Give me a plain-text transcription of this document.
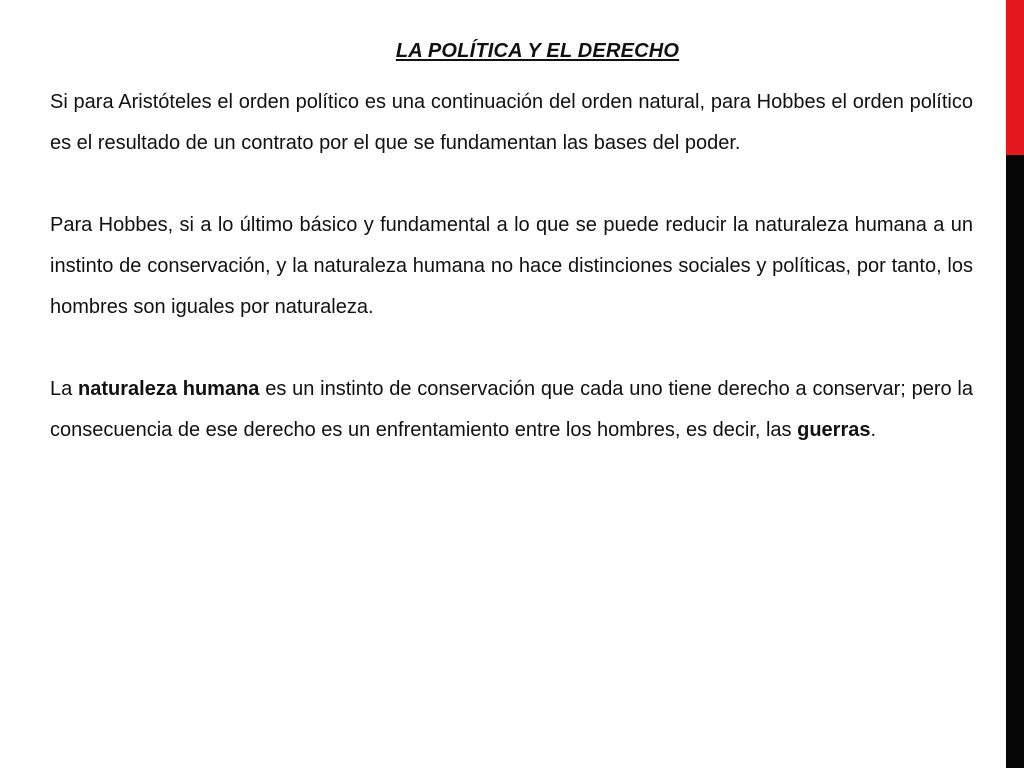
LA POLÍTICA Y EL DERECHO

Si para Aristóteles el orden político es una continuación del orden natural, para Hobbes el orden político es el resultado de un contrato por el que se fundamentan las bases del poder.

Para Hobbes, si a lo último básico y fundamental a lo que se puede reducir la naturaleza humana a un instinto de conservación, y la naturaleza humana no hace distinciones sociales y políticas, por tanto, los hombres son iguales por naturaleza.

La naturaleza humana es un instinto de conservación que cada uno tiene derecho a conservar; pero la consecuencia de ese derecho es un enfrentamiento entre los hombres, es decir, las guerras.
